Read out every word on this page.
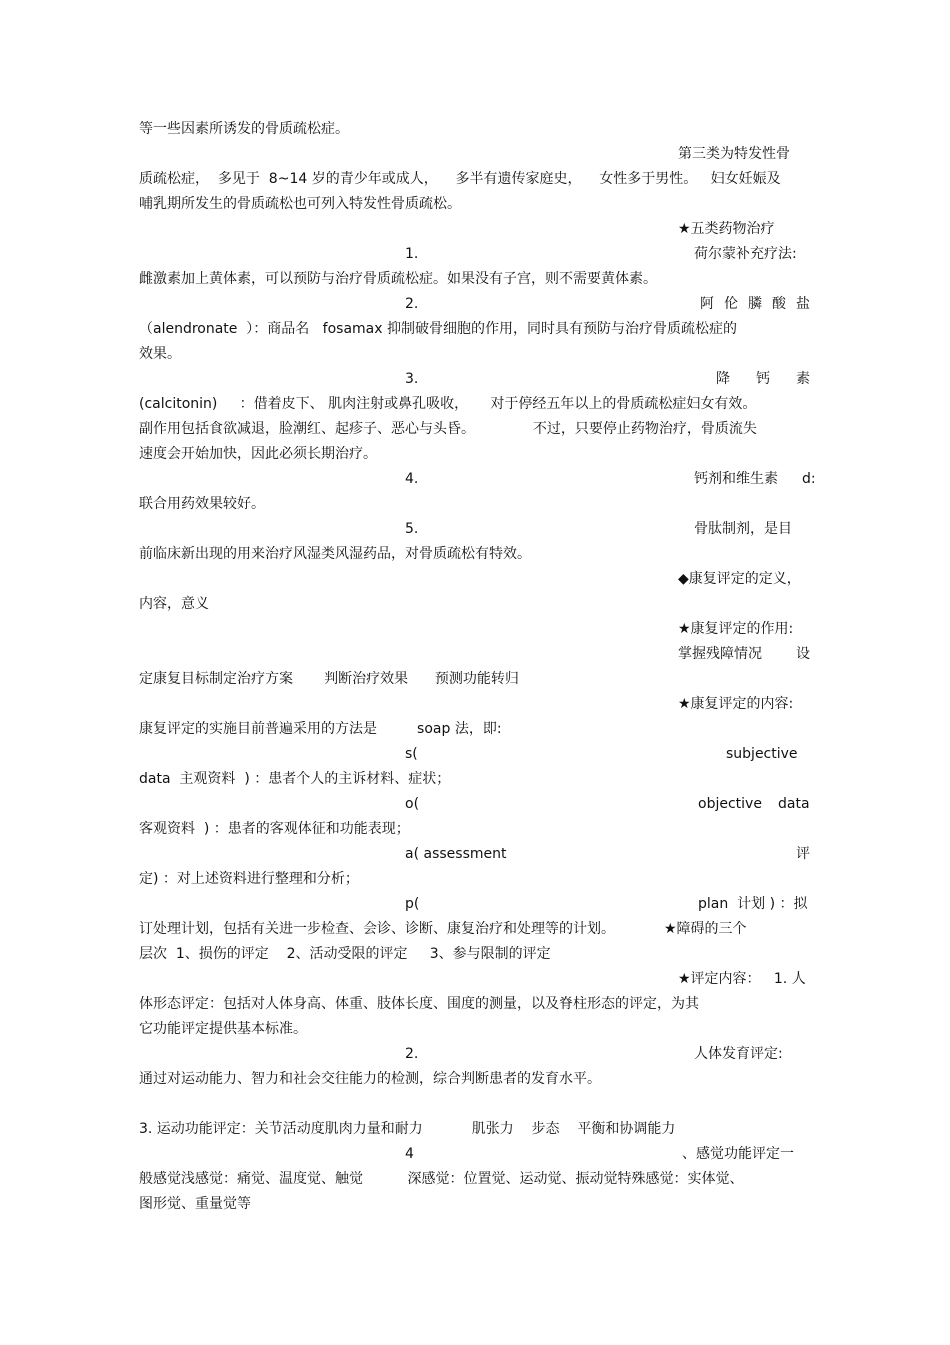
等一些因素所诱发的骨质疏松症。
第三类为特发性骨
质疏松症，  多见于  8~14 岁的青少年或成人，    多半有遗传家庭史，    女性多于男性。   妇女妊娠及
哺乳期所发生的骨质疏松也可列入特发性骨质疏松。
★五类药物治疗
1.	荷尔蒙补充疗法:
雌激素加上黄体素，可以预防与治疗骨质疏松症。如果没有子宫，则不需要黄体素。
2.	阿 伦 膦 酸 盐
（alendronate  ）：商品名   fosamax 抑制破骨细胞的作用，同时具有预防与治疗骨质疏松症的
效果。
3.	降 钙 素
(calcitonin)     ：借着皮下、 肌肉注射或鼻孔吸收，     对于停经五年以上的骨质疏松症妇女有效。
副作用包括食欲减退，脸潮红、起疹子、恶心与头昏。             不过，只要停止药物治疗，骨质流失
速度会开始加快，因此必须长期治疗。
4.	钙剂和维生素 d:
联合用药效果较好。
5.	骨肽制剂，是目
前临床新出现的用来治疗风湿类风湿药品，对骨质疏松有特效。
◆康复评定的定义，
内容，意义
★康复评定的作用:
掌握残障情况 设
定康复目标制定治疗方案       判断治疗效果      预测功能转归
★康复评定的内容:
康复评定的实施目前普遍采用的方法是         soap 法，即:
s(	subjective
data  主观资料  ) ：患者个人的主诉材料、症状；
o(	objective data
客观资料  ) ：患者的客观体征和功能表现；
a( assessment	评
定) ：对上述资料进行整理和分析；
p(	plan  计划 ) ：拟
订处理计划，包括有关进一步检查、会诊、诊断、康复治疗和处理等的计划。           ★障碍的三个
层次  1、损伤的评定    2、活动受限的评定     3、参与限制的评定
★评定内容：   1. 人
体形态评定：包括对人体身高、体重、肢体长度、围度的测量，以及脊柱形态的评定，为其
它功能评定提供基本标准。
2.	人体发育评定:
通过对运动能力、智力和社会交往能力的检测，综合判断患者的发育水平。
3. 运动功能评定：关节活动度肌肉力量和耐力           肌张力    步态    平衡和协调能力
4	、感觉功能评定一
般感觉浅感觉：痛觉、温度觉、触觉          深感觉：位置觉、运动觉、振动觉特殊感觉：实体觉、
图形觉、重量觉等
